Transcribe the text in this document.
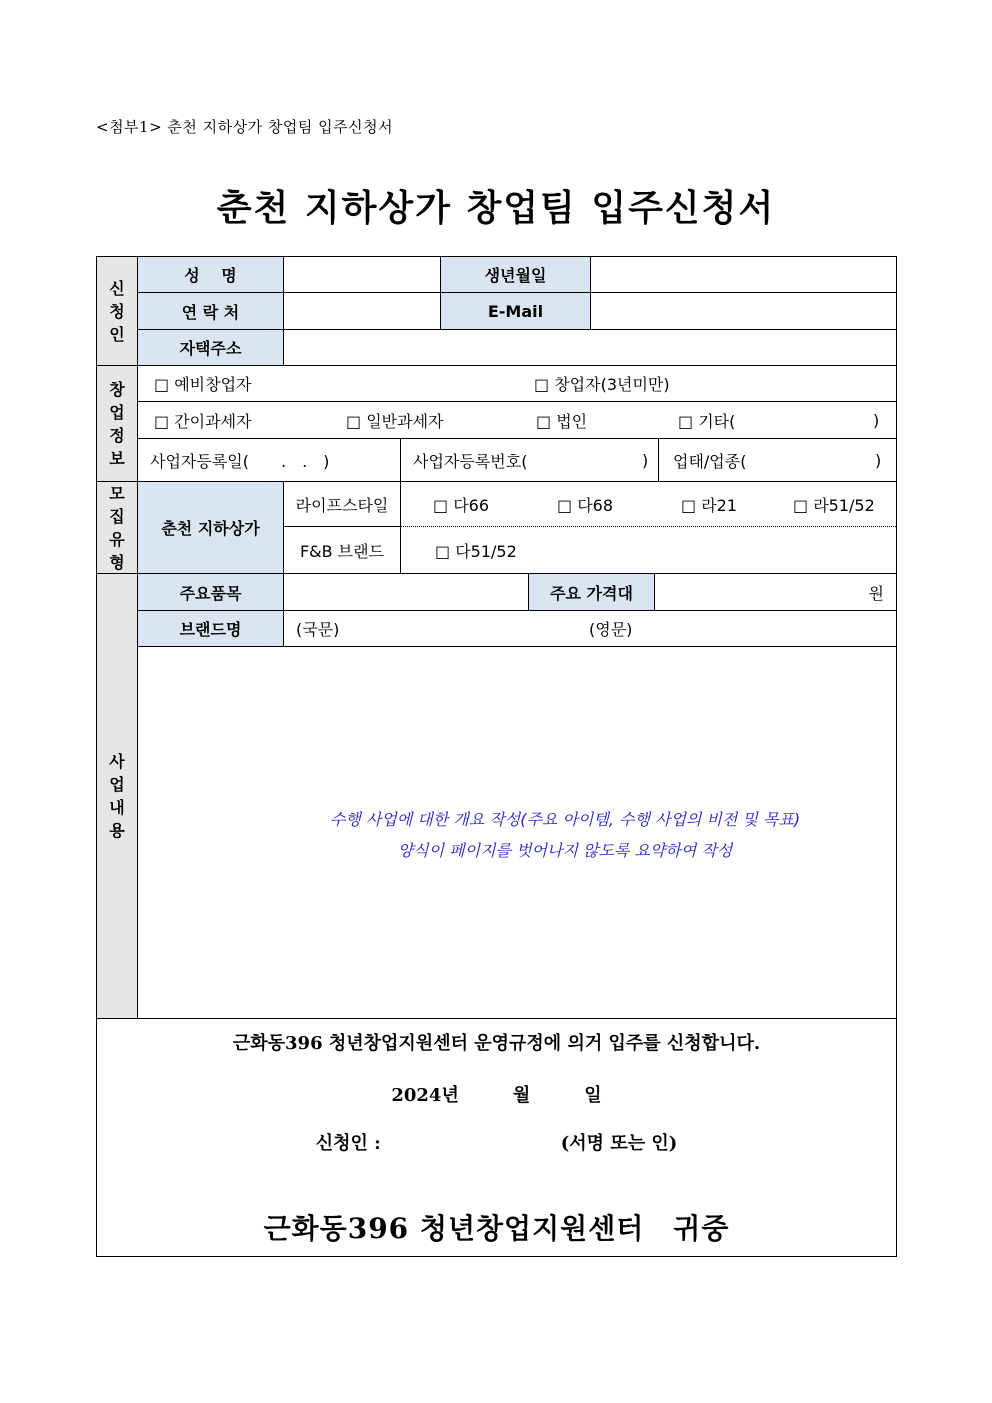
<첨부1> 춘천 지하상가 창업팀 입주신청서
춘천 지하상가 창업팀 입주신청서
신청인
성　 명	생년월일
연 락 처	E-Mail
자택주소
창업정보
□ 예비창업자	□ 창업자(3년미만)
□ 간이과세자	□ 일반과세자	□ 법인	□ 기타(	)
사업자등록일(　　.　.　)	사업자등록번호(	) 업태/업종(	)
모집유형
춘천 지하상가
라이프스타일	□ 다66	□ 다68	□ 라21	□ 라51/52
F&B 브랜드	□ 다51/52
사업내용
주요품목	주요 가격대	원
브랜드명	(국문)	(영문)
수행 사업에 대한 개요 작성(주요 아이템, 수행 사업의 비전 및 목표)
양식이 페이지를 벗어나지 않도록 요약하여 작성
근화동396 청년창업지원센터 운영규정에 의거 입주를 신청합니다.
2024년　　　월　　　일
신청인 :　　　　　　　　　　(서명 또는 인)
근화동396 청년창업지원센터　귀중
